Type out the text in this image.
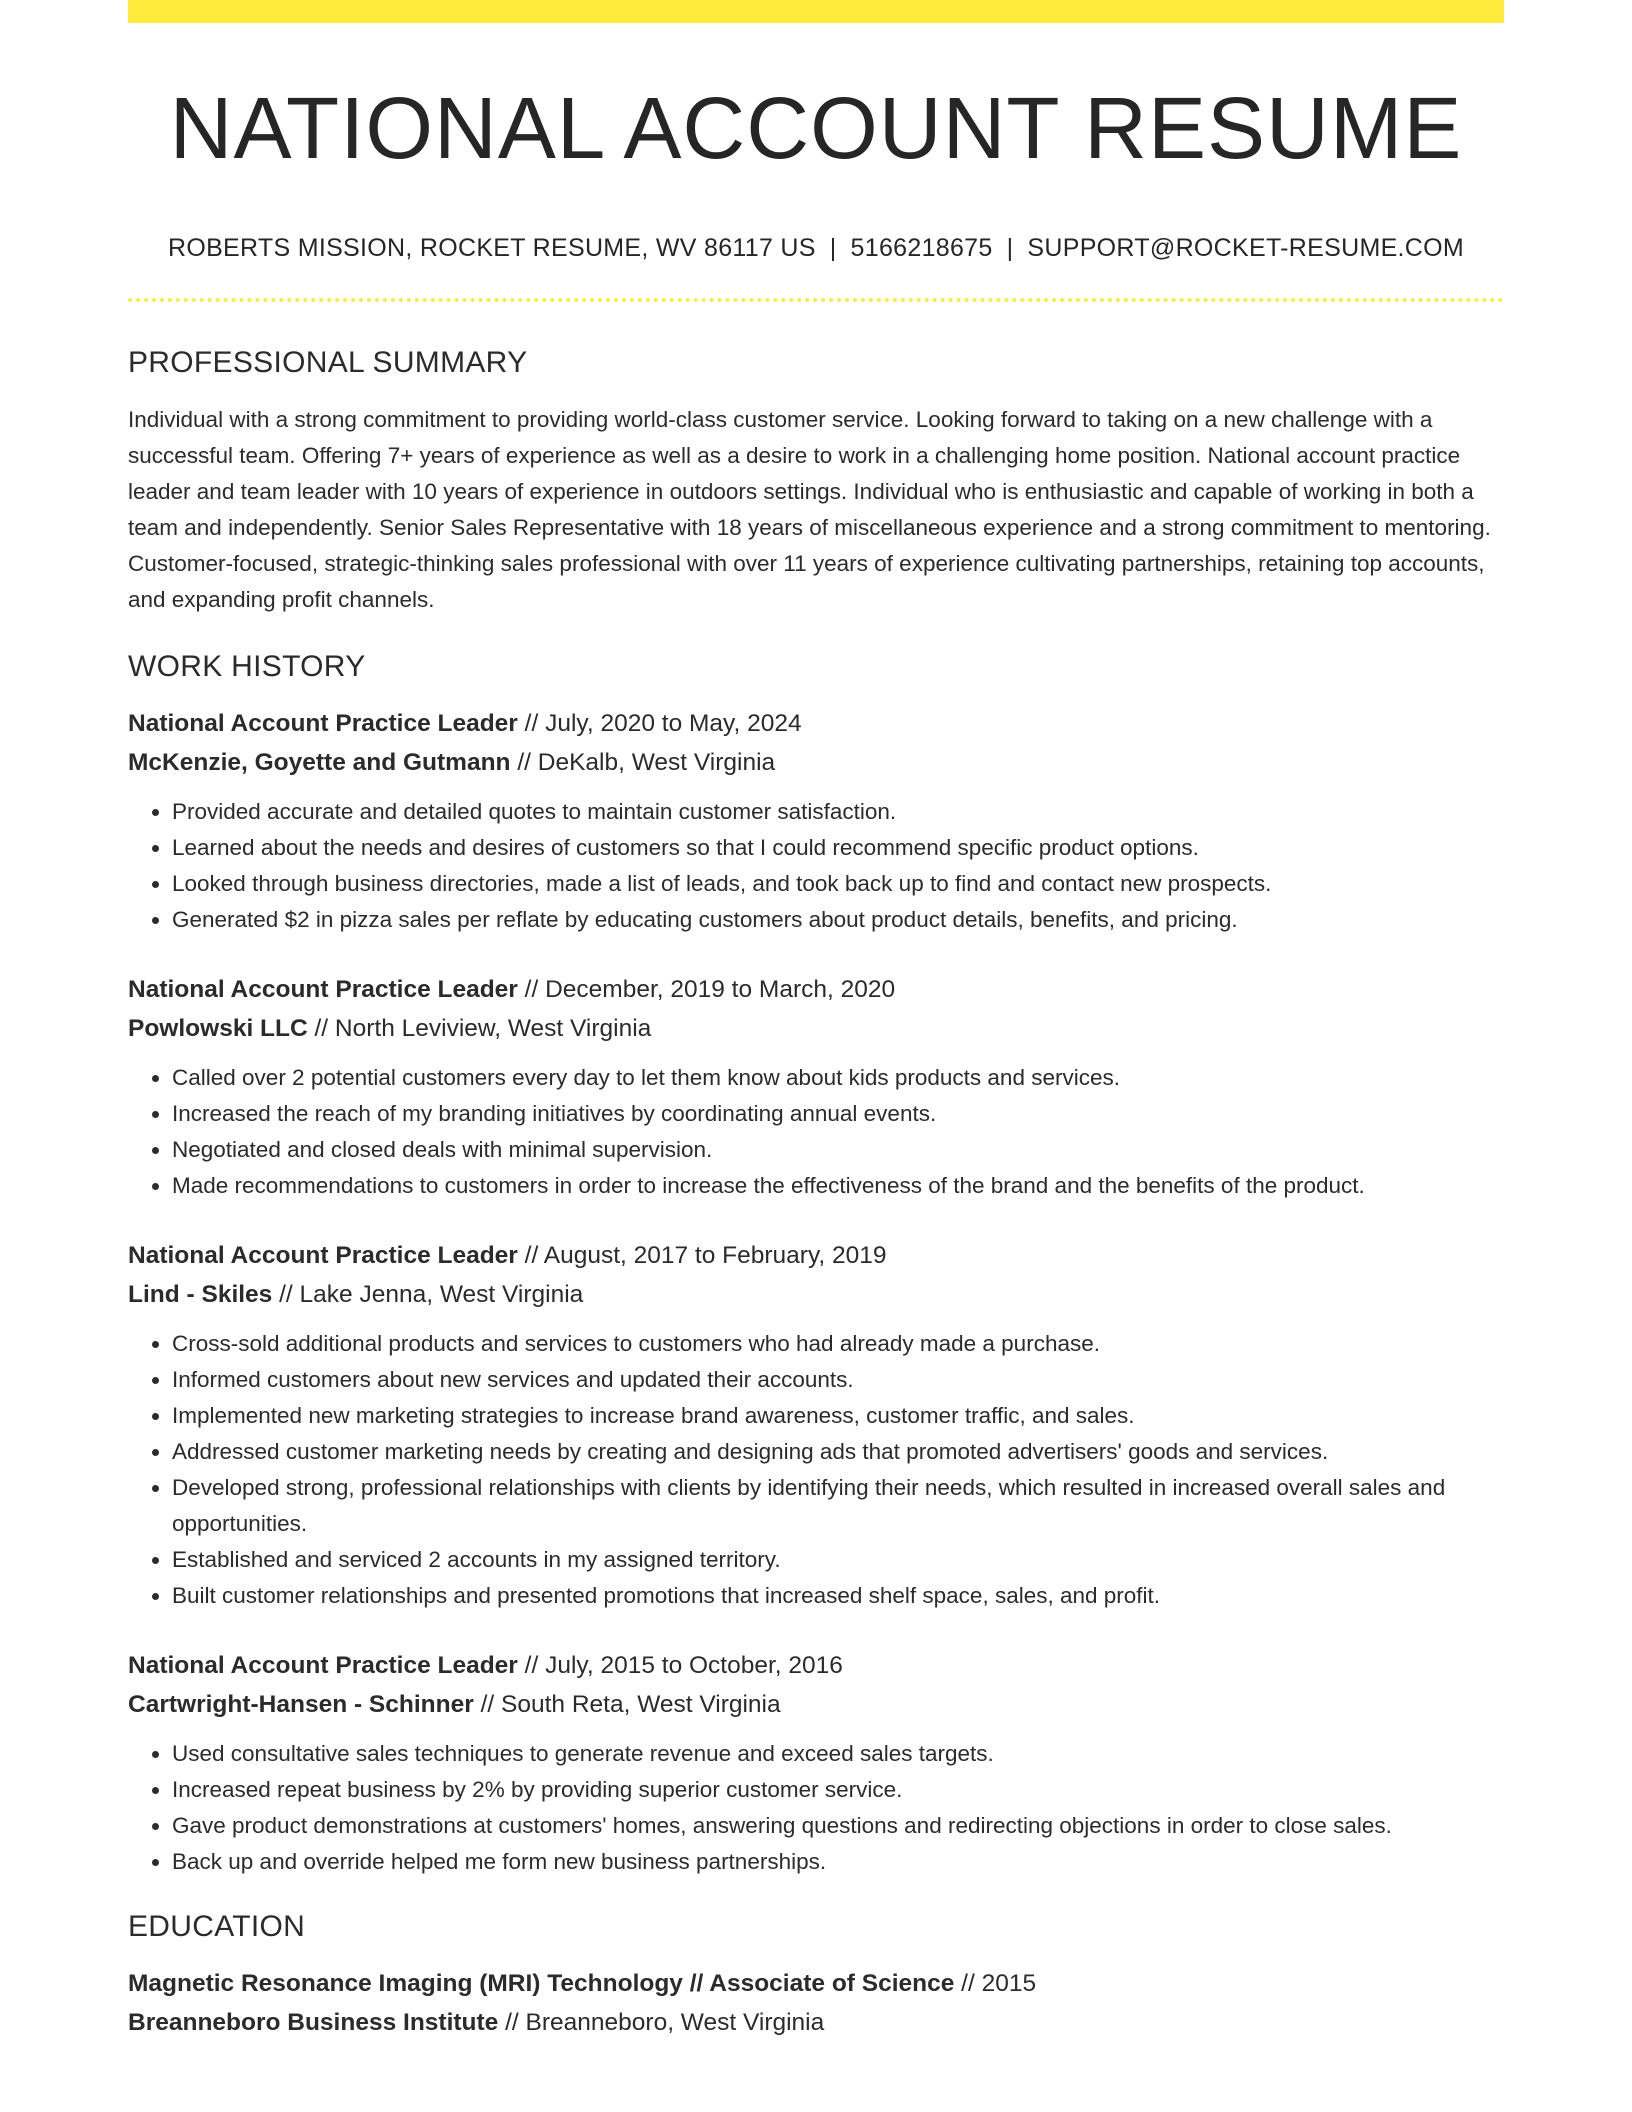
NATIONAL ACCOUNT RESUME
ROBERTS MISSION, ROCKET RESUME, WV 86117 US | 5166218675 | SUPPORT@ROCKET-RESUME.COM
PROFESSIONAL SUMMARY
Individual with a strong commitment to providing world-class customer service. Looking forward to taking on a new challenge with a successful team. Offering 7+ years of experience as well as a desire to work in a challenging home position. National account practice leader and team leader with 10 years of experience in outdoors settings. Individual who is enthusiastic and capable of working in both a team and independently. Senior Sales Representative with 18 years of miscellaneous experience and a strong commitment to mentoring. Customer-focused, strategic-thinking sales professional with over 11 years of experience cultivating partnerships, retaining top accounts, and expanding profit channels.
WORK HISTORY
National Account Practice Leader // July, 2020 to May, 2024
McKenzie, Goyette and Gutmann // DeKalb, West Virginia
• Provided accurate and detailed quotes to maintain customer satisfaction.
• Learned about the needs and desires of customers so that I could recommend specific product options.
• Looked through business directories, made a list of leads, and took back up to find and contact new prospects.
• Generated $2 in pizza sales per reflate by educating customers about product details, benefits, and pricing.
National Account Practice Leader // December, 2019 to March, 2020
Powlowski LLC // North Leviview, West Virginia
• Called over 2 potential customers every day to let them know about kids products and services.
• Increased the reach of my branding initiatives by coordinating annual events.
• Negotiated and closed deals with minimal supervision.
• Made recommendations to customers in order to increase the effectiveness of the brand and the benefits of the product.
National Account Practice Leader // August, 2017 to February, 2019
Lind - Skiles // Lake Jenna, West Virginia
• Cross-sold additional products and services to customers who had already made a purchase.
• Informed customers about new services and updated their accounts.
• Implemented new marketing strategies to increase brand awareness, customer traffic, and sales.
• Addressed customer marketing needs by creating and designing ads that promoted advertisers' goods and services.
• Developed strong, professional relationships with clients by identifying their needs, which resulted in increased overall sales and opportunities.
• Established and serviced 2 accounts in my assigned territory.
• Built customer relationships and presented promotions that increased shelf space, sales, and profit.
National Account Practice Leader // July, 2015 to October, 2016
Cartwright-Hansen - Schinner // South Reta, West Virginia
• Used consultative sales techniques to generate revenue and exceed sales targets.
• Increased repeat business by 2% by providing superior customer service.
• Gave product demonstrations at customers' homes, answering questions and redirecting objections in order to close sales.
• Back up and override helped me form new business partnerships.
EDUCATION
Magnetic Resonance Imaging (MRI) Technology // Associate of Science // 2015
Breanneboro Business Institute // Breanneboro, West Virginia
